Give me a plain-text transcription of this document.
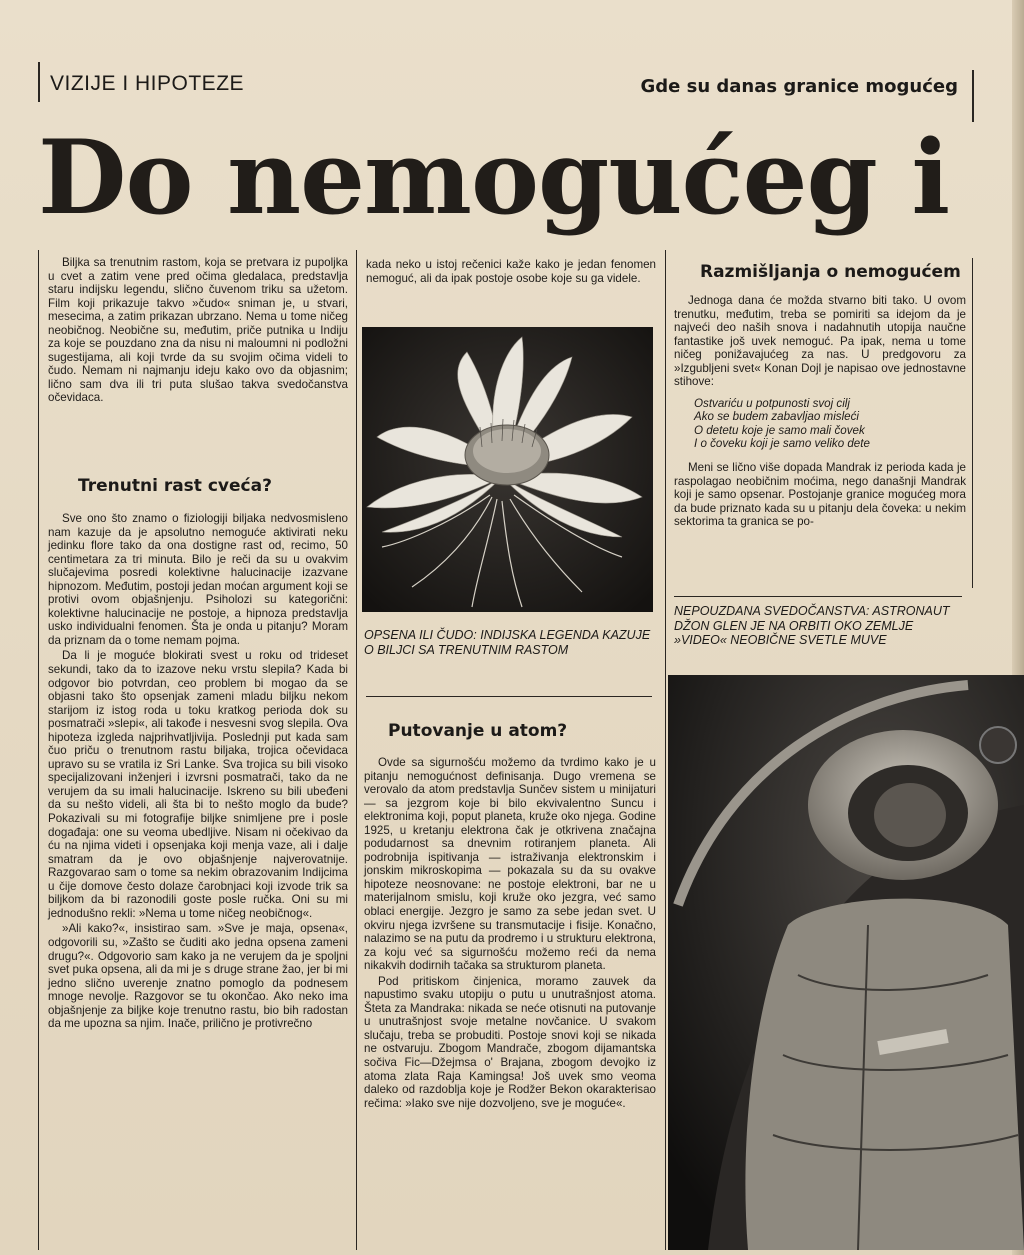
VIZIJE I HIPOTEZE	Gde su danas granice mogućeg
Do nemogućeg i

Biljka sa trenutnim rastom, koja se pretvara iz pupoljka u cvet a zatim vene pred očima gledalaca, predstavlja staru indijsku legendu, slično čuvenom triku sa užetom. Film koji prikazuje takvo »čudo« sniman je, u stvari, mesecima, a zatim prikazan ubrzano. Nema u tome ničeg neobičnog. Neobične su, međutim, priče putnika u Indiju za koje se pouzdano zna da nisu ni maloumni ni podložni sugestijama, ali koji tvrde da su svojim očima videli to čudo. Nemam ni najmanju ideju kako ovo da objasnim; lično sam dva ili tri puta slušao takva svedočanstva očevidaca.

Trenutni rast cveća?

Sve ono što znamo o fiziologiji biljaka nedvosmisleno nam kazuje da je apsolutno nemoguće aktivirati neku jedinku flore tako da ona dostigne rast od, recimo, 50 centimetara za tri minuta. Bilo je reči da su u ovakvim slučajevima posredi kolektivne halucinacije izazvane hipnozom. Međutim, postoji jedan moćan argument koji se protivi ovom objašnjenju. Psiholozi su kategorični: kolektivne halucinacije ne postoje, a hipnoza predstavlja usko individualni fenomen. Šta je onda u pitanju? Moram da priznam da o tome nemam pojma.

Da li je moguće blokirati svest u roku od trideset sekundi, tako da to izazove neku vrstu slepila? Kada bi odgovor bio potvrdan, ceo problem bi mogao da se objasni tako što opsenjak zameni mladu biljku nekom starijom iz istog roda u toku kratkog perioda dok su posmatrači »slepi«, ali takođe i nesvesni svog slepila. Ova hipoteza izgleda najprihvatljivija. Poslednji put kada sam čuo priču o trenutnom rastu biljaka, trojica očevidaca upravo su se vratila iz Sri Lanke. Sva trojica su bili visoko specijalizovani inženjeri i izvrsni posmatrači, tako da ne verujem da su imali halucinacije. Iskreno su bili ubeđeni da su nešto videli, ali šta bi to nešto moglo da bude? Pokazivali su mi fotografije biljke snimljene pre i posle događaja: one su veoma ubedljive. Nisam ni očekivao da ću na njima videti i opsenjaka koji menja vaze, ali i dalje smatram da je ovo objašnjenje najverovatnije. Razgovarao sam o tome sa nekim obrazovanim Indijcima u čije domove često dolaze čarobnjaci koji izvode trik sa biljkom da bi razonodili goste posle ručka. Oni su mi jednodušno rekli: »Nema u tome ničeg neobičnog«.

»Ali kako?«, insistirao sam. »Sve je maja, opsena«, odgovorili su, »Zašto se čuditi ako jedna opsena zameni drugu?«. Odgovorio sam kako ja ne verujem da je spoljni svet puka opsena, ali da mi je s druge strane žao, jer bi mi jedno slično uverenje znatno pomoglo da podnesem mnoge nevolje. Razgovor se tu okončao. Ako neko ima objašnjenje za biljke koje trenutno rastu, bio bih radostan da me upozna sa njim. Inače, prilično je protivrečno

kada neko u istoj rečenici kaže kako je jedan fenomen nemoguć, ali da ipak postoje osobe koje su ga videle.

OPSENA ILI ČUDO: INDIJSKA LEGENDA KAZUJE O BILJCI SA TRENUTNIM RASTOM
Putovanje u atom?

Ovde sa sigurnošću možemo da tvrdimo kako je u pitanju nemogućnost definisanja. Dugo vremena se verovalo da atom predstavlja Sunčev sistem u minijaturi — sa jezgrom koje bi bilo ekvivalentno Suncu i elektronima koji, poput planeta, kruže oko njega. Godine 1925, u kretanju elektrona čak je otkrivena značajna podudarnost sa dnevnim rotiranjem planeta. Ali podrobnija ispitivanja — istraživanja elektronskim i jonskim mikroskopima — pokazala su da su ovakve hipoteze neosnovane: ne postoje elektroni, bar ne u materijalnom smislu, koji kruže oko jezgra, već samo oblaci energije. Jezgro je samo za sebe jedan svet. U okviru njega izvršene su transmutacije i fisije. Konačno, nalazimo se na putu da prodremo i u strukturu elektrona, za koju već sa sigurnošću možemo reći da nema nikakvih dodirnih tačaka sa strukturom planeta.

Pod pritiskom činjenica, moramo zauvek da napustimo svaku utopiju o putu u unutrašnjost atoma. Šteta za Mandraka: nikada se neće otisnuti na putovanje u unutrašnjost svoje metalne novčanice. U svakom slučaju, treba se probuditi. Postoje snovi koji se nikada ne ostvaruju. Zbogom Mandrače, zbogom dijamantska sočiva Fic—Džejmsa o' Brajana, zbogom devojko iz atoma zlata Raja Kamingsa! Još uvek smo veoma daleko od razdoblja koje je Rodžer Bekon okarakterisao rečima: »Iako sve nije dozvoljeno, sve je moguće«.

Razmišljanja o nemogućem

Jednoga dana će možda stvarno biti tako. U ovom trenutku, međutim, treba se pomiriti sa idejom da je najveći deo naših snova i nadahnutih utopija naučne fantastike još uvek nemoguć. Pa ipak, nema u tome ničeg ponižavajućeg za nas. U predgovoru za »Izgubljeni svet« Konan Dojl je napisao ove jednostavne stihove:

Ostvariću u potpunosti svoj cilj
Ako se budem zabavljao mislеći
O detetu koje je samo mali čovek
I o čoveku koji je samo veliko dete

Meni se lično više dopada Mandrak iz perioda kada je raspolagao neobičnim moćima, nego današnji Mandrak koji je samo opsenar. Postojanje granice mogućeg mora da bude priznato kada su u pitanju dela čoveka: u nekim sektorima ta granica se po-

NEPOUZDANA SVEDOČANSTVA: ASTRONAUT DŽON GLEN JE NA ORBITI OKO ZEMLJE »VIDEO« NEOBIČNE SVETLE MUVE
